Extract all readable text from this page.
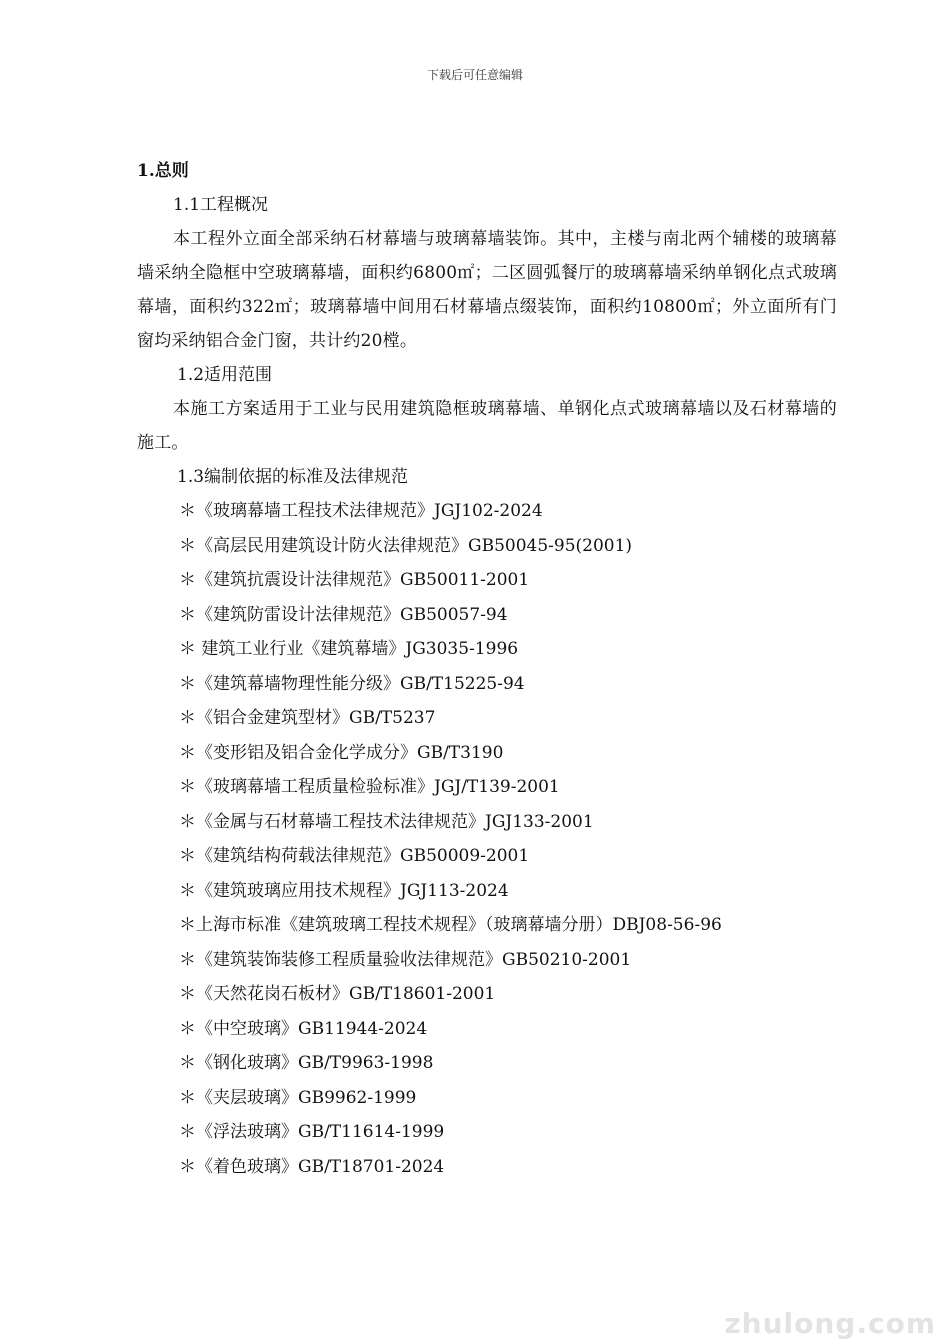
下载后可任意编辑
1.总则
1.1工程概况
本工程外立面全部采纳石材幕墙与玻璃幕墙装饰。其中，主楼与南北两个辅楼的玻璃幕墙采纳全隐框中空玻璃幕墙，面积约6800㎡；二区圆弧餐厅的玻璃幕墙采纳单钢化点式玻璃幕墙，面积约322㎡；玻璃幕墙中间用石材幕墙点缀装饰，面积约10800㎡；外立面所有门窗均采纳铝合金门窗，共计约20樘。
1.2适用范围
本施工方案适用于工业与民用建筑隐框玻璃幕墙、单钢化点式玻璃幕墙以及石材幕墙的施工。
1.3编制依据的标准及法律规范
＊《玻璃幕墙工程技术法律规范》JGJ102-2024
＊《高层民用建筑设计防火法律规范》GB50045-95(2001)
＊《建筑抗震设计法律规范》GB50011-2001
＊《建筑防雷设计法律规范》GB50057-94
＊ 建筑工业行业《建筑幕墙》JG3035-1996
＊《建筑幕墙物理性能分级》GB/T15225-94
＊《铝合金建筑型材》GB/T5237
＊《变形铝及铝合金化学成分》GB/T3190
＊《玻璃幕墙工程质量检验标准》JGJ/T139-2001
＊《金属与石材幕墙工程技术法律规范》JGJ133-2001
＊《建筑结构荷载法律规范》GB50009-2001
＊《建筑玻璃应用技术规程》JGJ113-2024
＊上海市标准《建筑玻璃工程技术规程》（玻璃幕墙分册）DBJ08-56-96
＊《建筑装饰装修工程质量验收法律规范》GB50210-2001
＊《天然花岗石板材》GB/T18601-2001
＊《中空玻璃》GB11944-2024
＊《钢化玻璃》GB/T9963-1998
＊《夹层玻璃》GB9962-1999
＊《浮法玻璃》GB/T11614-1999
＊《着色玻璃》GB/T18701-2024
zhulong.com
